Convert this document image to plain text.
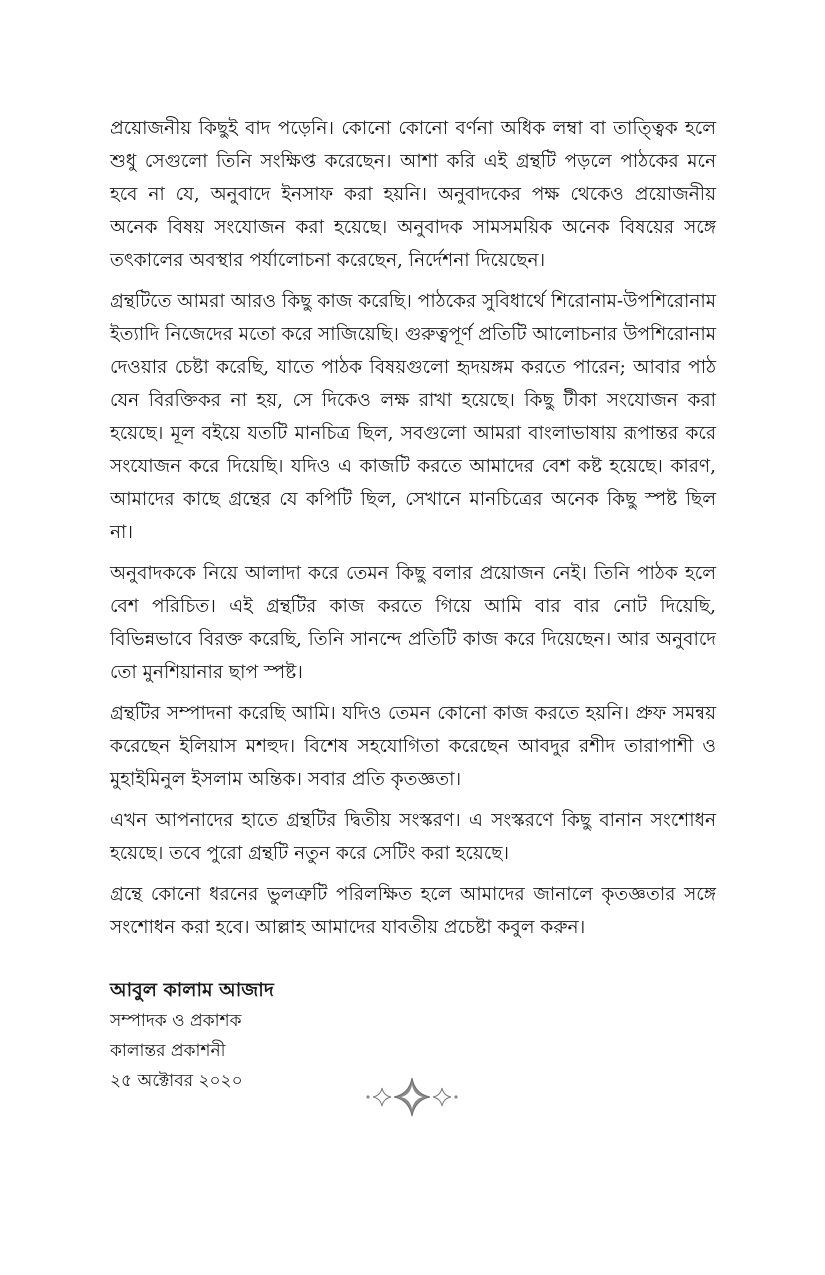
প্রয়োজনীয় কিছুই বাদ পড়েনি। কোনো কোনো বর্ণনা অধিক লম্বা বা তাত্ত্বিক হলে শুধু সেগুলো তিনি সংক্ষিপ্ত করেছেন। আশা করি এই গ্রন্থটি পড়লে পাঠকের মনে হবে না যে, অনুবাদে ইনসাফ করা হয়নি। অনুবাদকের পক্ষ থেকেও প্রয়োজনীয় অনেক বিষয় সংযোজন করা হয়েছে। অনুবাদক সামসময়িক অনেক বিষয়ের সঙ্গে তৎকালের অবস্থার পর্যালোচনা করেছেন, নির্দেশনা দিয়েছেন।

গ্রন্থটিতে আমরা আরও কিছু কাজ করেছি। পাঠকের সুবিধার্থে শিরোনাম-উপশিরোনাম ইত্যাদি নিজেদের মতো করে সাজিয়েছি। গুরুত্বপূর্ণ প্রতিটি আলোচনার উপশিরোনাম দেওয়ার চেষ্টা করেছি, যাতে পাঠক বিষয়গুলো হৃদয়ঙ্গম করতে পারেন; আবার পাঠ যেন বিরক্তিকর না হয়, সে দিকেও লক্ষ রাখা হয়েছে। কিছু টীকা সংযোজন করা হয়েছে। মূল বইয়ে যতটি মানচিত্র ছিল, সবগুলো আমরা বাংলাভাষায় রূপান্তর করে সংযোজন করে দিয়েছি। যদিও এ কাজটি করতে আমাদের বেশ কষ্ট হয়েছে। কারণ, আমাদের কাছে গ্রন্থের যে কপিটি ছিল, সেখানে মানচিত্রের অনেক কিছু স্পষ্ট ছিল না।

অনুবাদককে নিয়ে আলাদা করে তেমন কিছু বলার প্রয়োজন নেই। তিনি পাঠক হলে বেশ পরিচিত। এই গ্রন্থটির কাজ করতে গিয়ে আমি বার বার নোট দিয়েছি, বিভিন্নভাবে বিরক্ত করেছি, তিনি সানন্দে প্রতিটি কাজ করে দিয়েছেন। আর অনুবাদে তো মুনশিয়ানার ছাপ স্পষ্ট।

গ্রন্থটির সম্পাদনা করেছি আমি। যদিও তেমন কোনো কাজ করতে হয়নি। প্রুফ সমন্বয় করেছেন ইলিয়াস মশহুদ। বিশেষ সহযোগিতা করেছেন আবদুর রশীদ তারাপাশী ও মুহাইমিনুল ইসলাম অন্তিক। সবার প্রতি কৃতজ্ঞতা।

এখন আপনাদের হাতে গ্রন্থটির দ্বিতীয় সংস্করণ। এ সংস্করণে কিছু বানান সংশোধন হয়েছে। তবে পুরো গ্রন্থটি নতুন করে সেটিং করা হয়েছে।

গ্রন্থে কোনো ধরনের ভুলত্রুটি পরিলক্ষিত হলে আমাদের জানালে কৃতজ্ঞতার সঙ্গে সংশোধন করা হবে। আল্লাহ আমাদের যাবতীয় প্রচেষ্টা কবুল করুন।

আবুল কালাম আজাদ
সম্পাদক ও প্রকাশক
কালান্তর প্রকাশনী
২৫ অক্টোবর ২০২০
